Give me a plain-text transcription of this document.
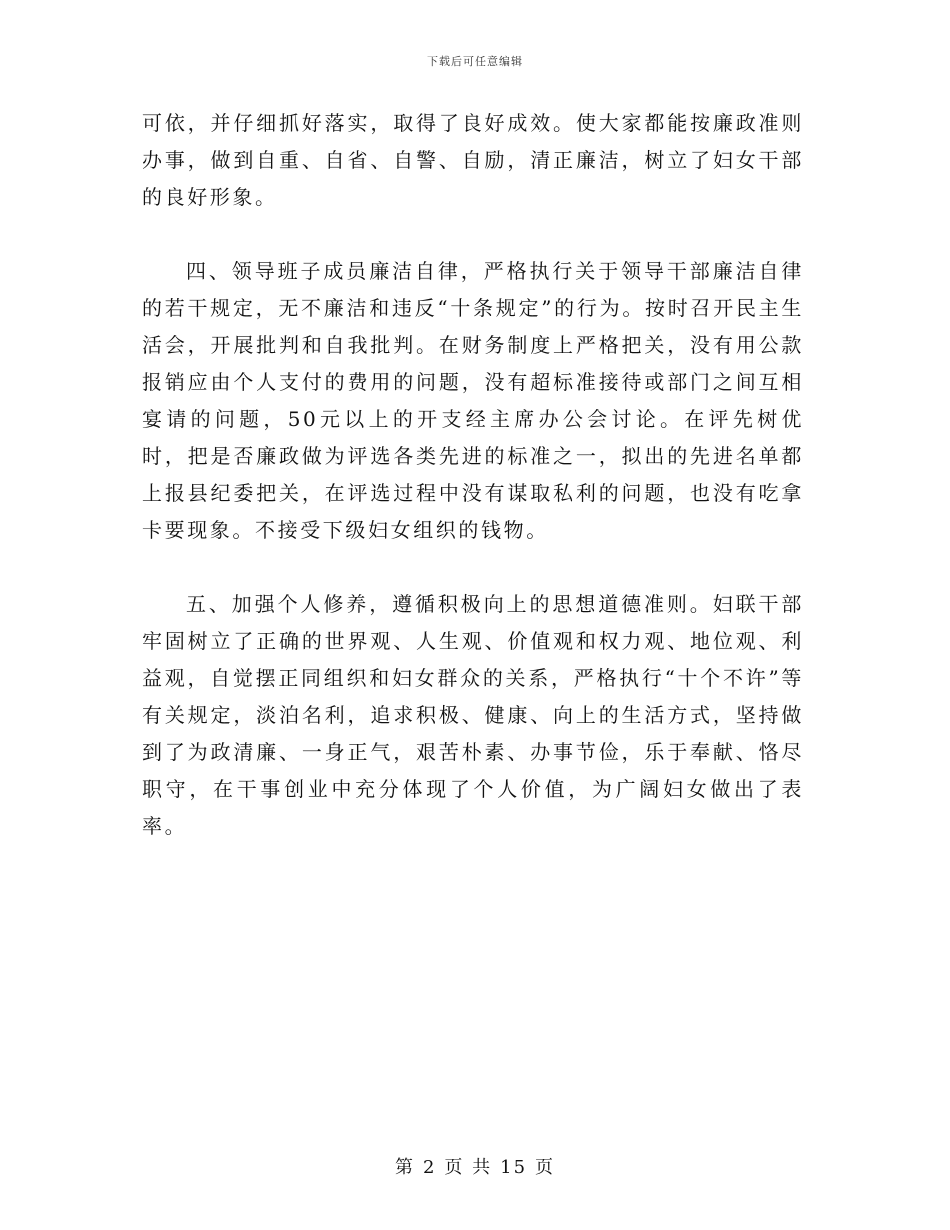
下载后可任意编辑

可依，并仔细抓好落实，取得了良好成效。使大家都能按廉政准则办事，做到自重、自省、自警、自励，清正廉洁，树立了妇女干部的良好形象。

四、领导班子成员廉洁自律，严格执行关于领导干部廉洁自律的若干规定，无不廉洁和违反“十条规定”的行为。按时召开民主生活会，开展批判和自我批判。在财务制度上严格把关，没有用公款报销应由个人支付的费用的问题，没有超标准接待或部门之间互相宴请的问题，50元以上的开支经主席办公会讨论。在评先树优时，把是否廉政做为评选各类先进的标准之一，拟出的先进名单都上报县纪委把关，在评选过程中没有谋取私利的问题，也没有吃拿卡要现象。不接受下级妇女组织的钱物。

五、加强个人修养，遵循积极向上的思想道德准则。妇联干部牢固树立了正确的世界观、人生观、价值观和权力观、地位观、利益观，自觉摆正同组织和妇女群众的关系，严格执行“十个不许”等有关规定，淡泊名利，追求积极、健康、向上的生活方式，坚持做到了为政清廉、一身正气，艰苦朴素、办事节俭，乐于奉献、恪尽职守，在干事创业中充分体现了个人价值，为广阔妇女做出了表率。

第 2 页 共 15 页
